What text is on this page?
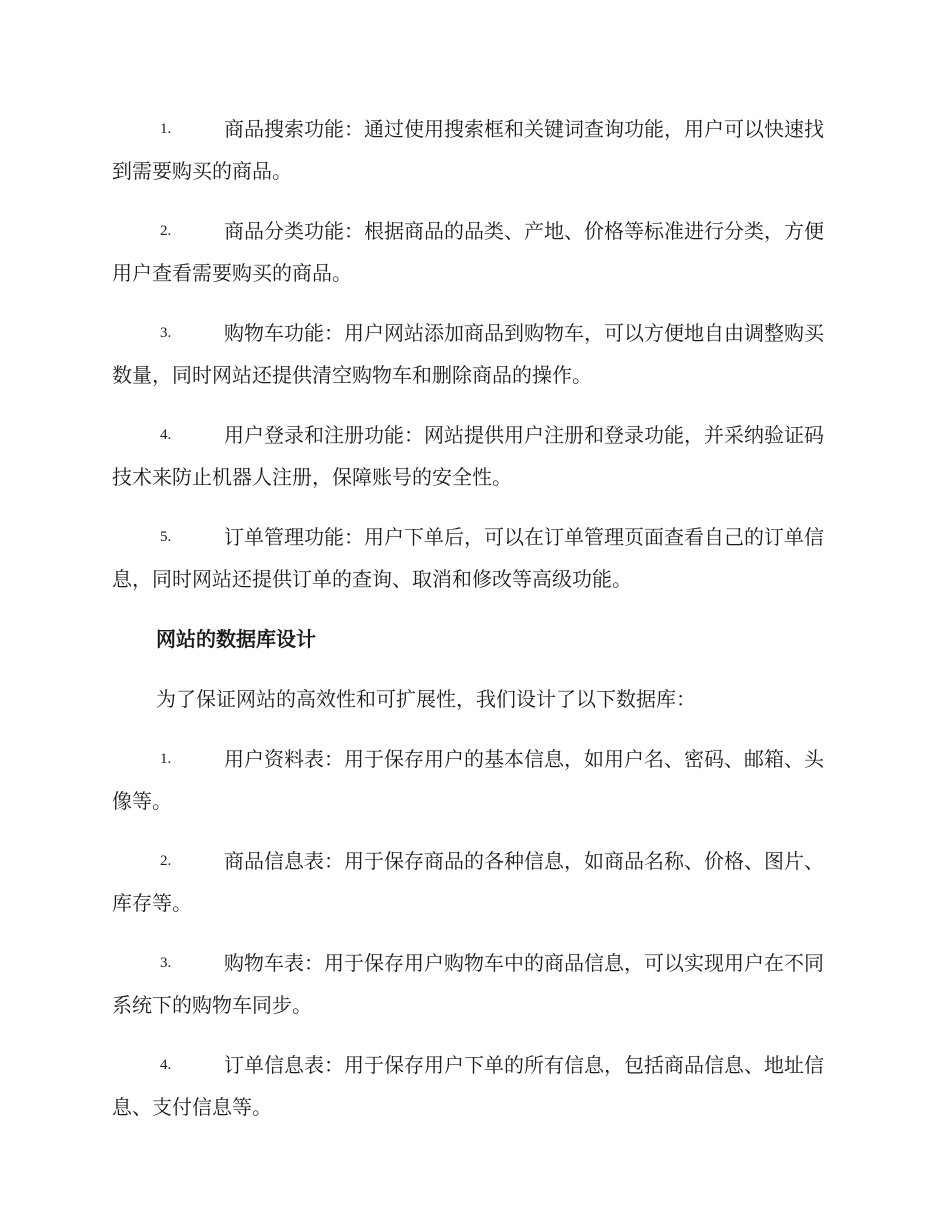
1.	商品搜索功能：通过使用搜索框和关键词查询功能，用户可以快速找到需要购买的商品。
2.	商品分类功能：根据商品的品类、产地、价格等标准进行分类，方便用户查看需要购买的商品。
3.	购物车功能：用户网站添加商品到购物车，可以方便地自由调整购买数量，同时网站还提供清空购物车和删除商品的操作。
4.	用户登录和注册功能：网站提供用户注册和登录功能，并采纳验证码技术来防止机器人注册，保障账号的安全性。
5.	订单管理功能：用户下单后，可以在订单管理页面查看自己的订单信息，同时网站还提供订单的查询、取消和修改等高级功能。
网站的数据库设计
为了保证网站的高效性和可扩展性，我们设计了以下数据库：
1.	用户资料表：用于保存用户的基本信息，如用户名、密码、邮箱、头像等。
2.	商品信息表：用于保存商品的各种信息，如商品名称、价格、图片、库存等。
3.	购物车表：用于保存用户购物车中的商品信息，可以实现用户在不同系统下的购物车同步。
4.	订单信息表：用于保存用户下单的所有信息，包括商品信息、地址信息、支付信息等。
